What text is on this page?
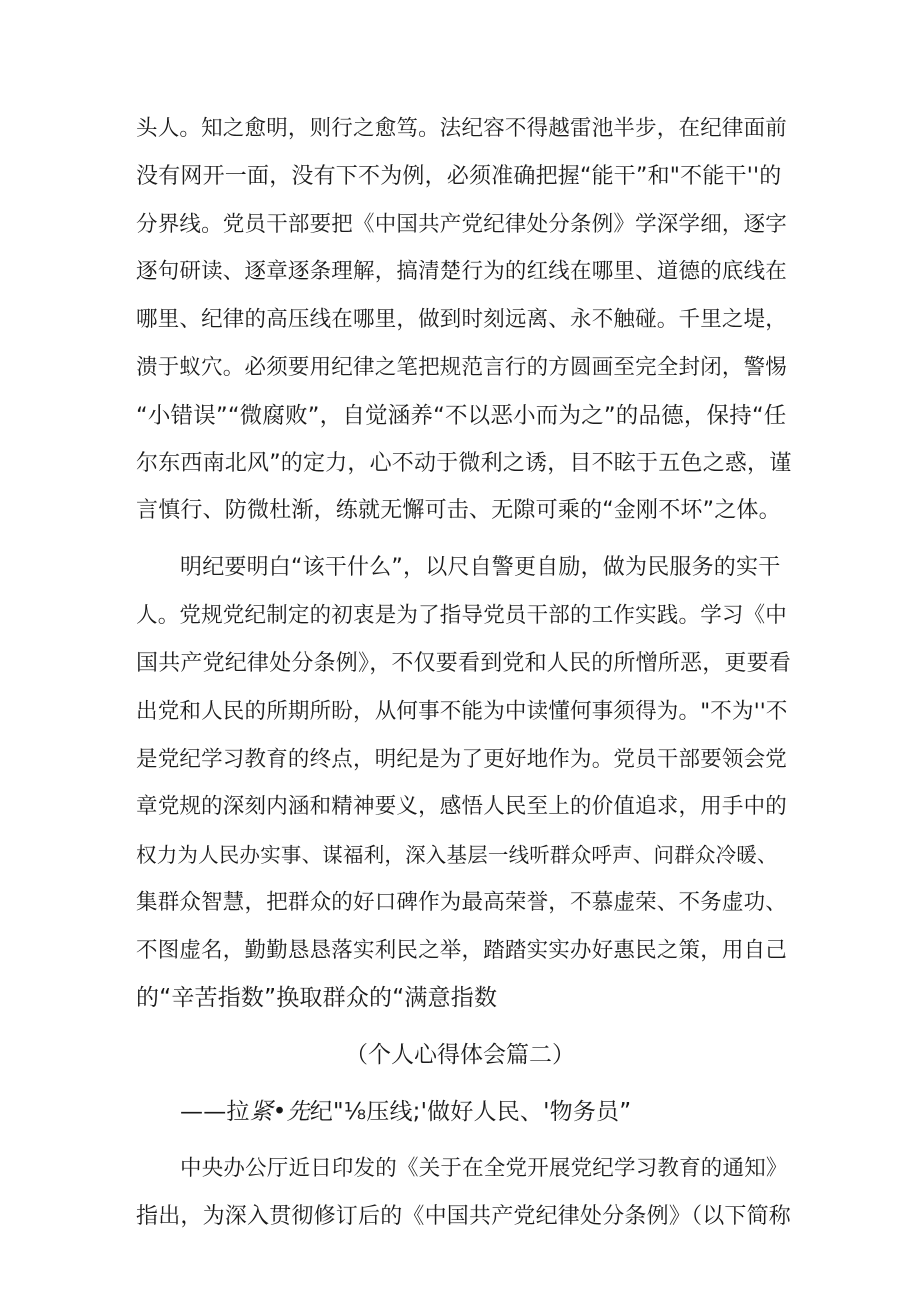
头人。知之愈明，则行之愈笃。法纪容不得越雷池半步，在纪律面前
没有网开一面，没有下不为例，必须准确把握“能干”和"不能干''的
分界线。党员干部要把《中国共产党纪律处分条例》学深学细，逐字
逐句研读、逐章逐条理解，搞清楚行为的红线在哪里、道德的底线在
哪里、纪律的高压线在哪里，做到时刻远离、永不触碰。千里之堤，
溃于蚁穴。必须要用纪律之笔把规范言行的方圆画至完全封闭，警惕
“小错误”“微腐败”，自觉涵养“不以恶小而为之”的品德，保持“任
尔东西南北风”的定力，心不动于微利之诱，目不眩于五色之惑，谨
言慎行、防微杜渐，练就无懈可击、无隙可乘的“金刚不坏”之体。
明纪要明白“该干什么”，以尺自警更自励，做为民服务的实干
人。党规党纪制定的初衷是为了指导党员干部的工作实践。学习《中
国共产党纪律处分条例》，不仅要看到党和人民的所憎所恶，更要看
出党和人民的所期所盼，从何事不能为中读懂何事须得为。"不为''不
是党纪学习教育的终点，明纪是为了更好地作为。党员干部要领会党
章党规的深刻内涵和精神要义，感悟人民至上的价值追求，用手中的
权力为人民办实事、谋福利，深入基层一线听群众呼声、问群众冷暖、
集群众智慧，把群众的好口碑作为最高荣誉，不慕虚荣、不务虚功、
不图虚名，勤勤恳恳落实利民之举，踏踏实实办好惠民之策，用自己
的“辛苦指数”换取群众的“满意指数
（个人心得体会篇二）
——拉紧•先纪"⅛压线;'做好人民、'物务员”
中央办公厅近日印发的《关于在全党开展党纪学习教育的通知》
指出，为深入贯彻修订后的《中国共产党纪律处分条例》（以下简称
